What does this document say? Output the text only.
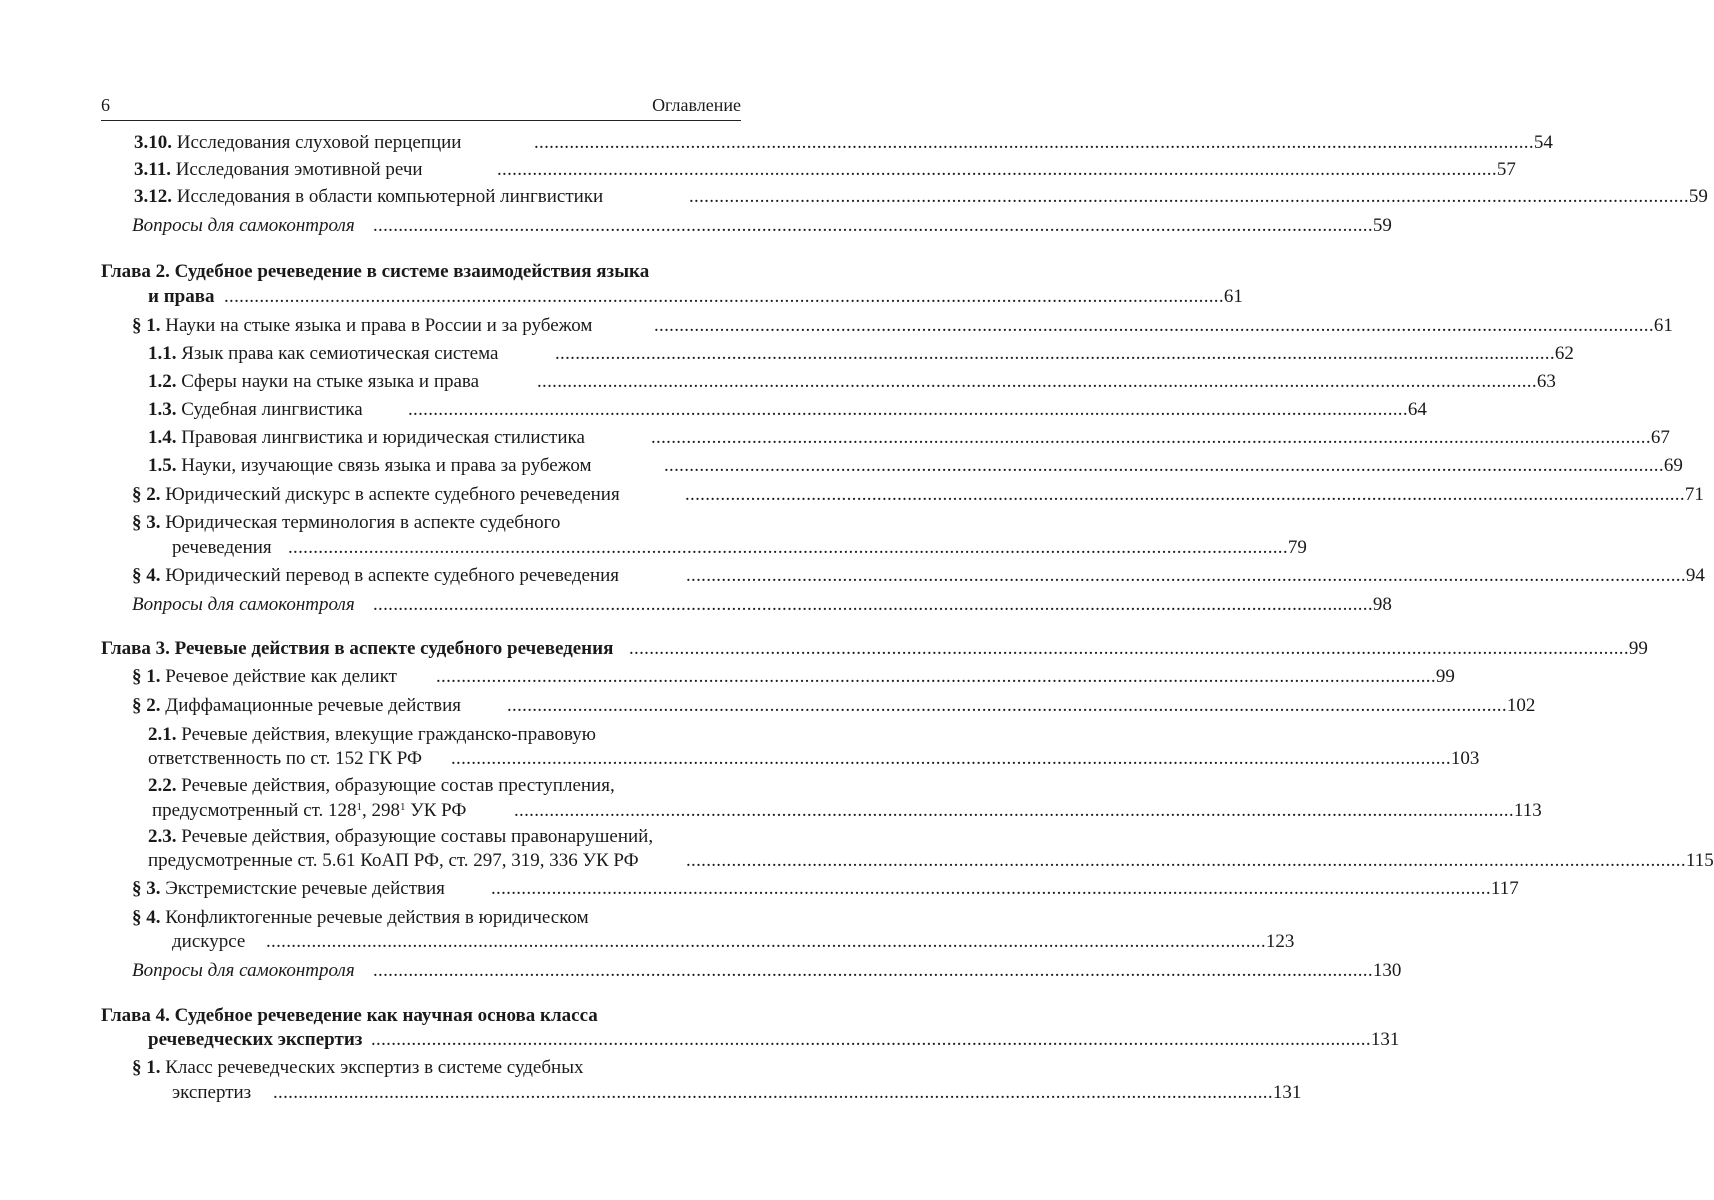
6	Оглавление
3.10. Исследования слуховой перцепции	...................................................................................................................................................................................................... 54
3.11. Исследования эмотивной речи	...................................................................................................................................................................................................... 57
3.12. Исследования в области компьютерной лингвистики	...................................................................................................................................................................................................... 59
Вопросы для самоконтроля ...................................................................................................................................................................................................... 59
Глава 2. Судебное речеведение в системе взаимодействия языка
и права ...................................................................................................................................................................................................... 61
§ 1. Науки на стыке языка и права в России и за рубежом	...................................................................................................................................................................................................... 61
1.1. Язык права как семиотическая система	...................................................................................................................................................................................................... 62
1.2. Сферы науки на стыке языка и права	...................................................................................................................................................................................................... 63
1.3. Судебная лингвистика ...................................................................................................................................................................................................... 64
1.4. Правовая лингвистика и юридическая стилистика	...................................................................................................................................................................................................... 67
1.5. Науки, изучающие связь языка и права за рубежом	...................................................................................................................................................................................................... 69
§ 2. Юридический дискурс в аспекте судебного речеведения	...................................................................................................................................................................................................... 71
§ 3. Юридическая терминология в аспекте судебного
речеведения ...................................................................................................................................................................................................... 79
§ 4. Юридический перевод в аспекте судебного речеведения	...................................................................................................................................................................................................... 94
Вопросы для самоконтроля ...................................................................................................................................................................................................... 98
Глава 3. Речевые действия в аспекте судебного речеведения ...................................................................................................................................................................................................... 99
§ 1. Речевое действие как деликт ...................................................................................................................................................................................................... 99
§ 2. Диффамационные речевые действия ...................................................................................................................................................................................................... 102
2.1. Речевые действия, влекущие гражданско-правовую
ответственность по ст. 152 ГК РФ ...................................................................................................................................................................................................... 103
2.2. Речевые действия, образующие состав преступления,
предусмотренный ст. $128^1$, $298^1$ УК РФ	...................................................................................................................................................................................................... 113
2.3. Речевые действия, образующие составы правонарушений,
предусмотренные ст. 5.61 КоАП РФ, ст. 297, 319, 336 УК РФ ...................................................................................................................................................................................................... 115
§ 3. Экстремистские речевые действия ...................................................................................................................................................................................................... 117
§ 4. Конфликтогенные речевые действия в юридическом
дискурсе ...................................................................................................................................................................................................... 123
Вопросы для самоконтроля ...................................................................................................................................................................................................... 130
Глава 4. Судебное речеведение как научная основа класса
речеведческих экспертиз ...................................................................................................................................................................................................... 131
§ 1. Класс речеведческих экспертиз в системе судебных
экспертиз ...................................................................................................................................................................................................... 131
